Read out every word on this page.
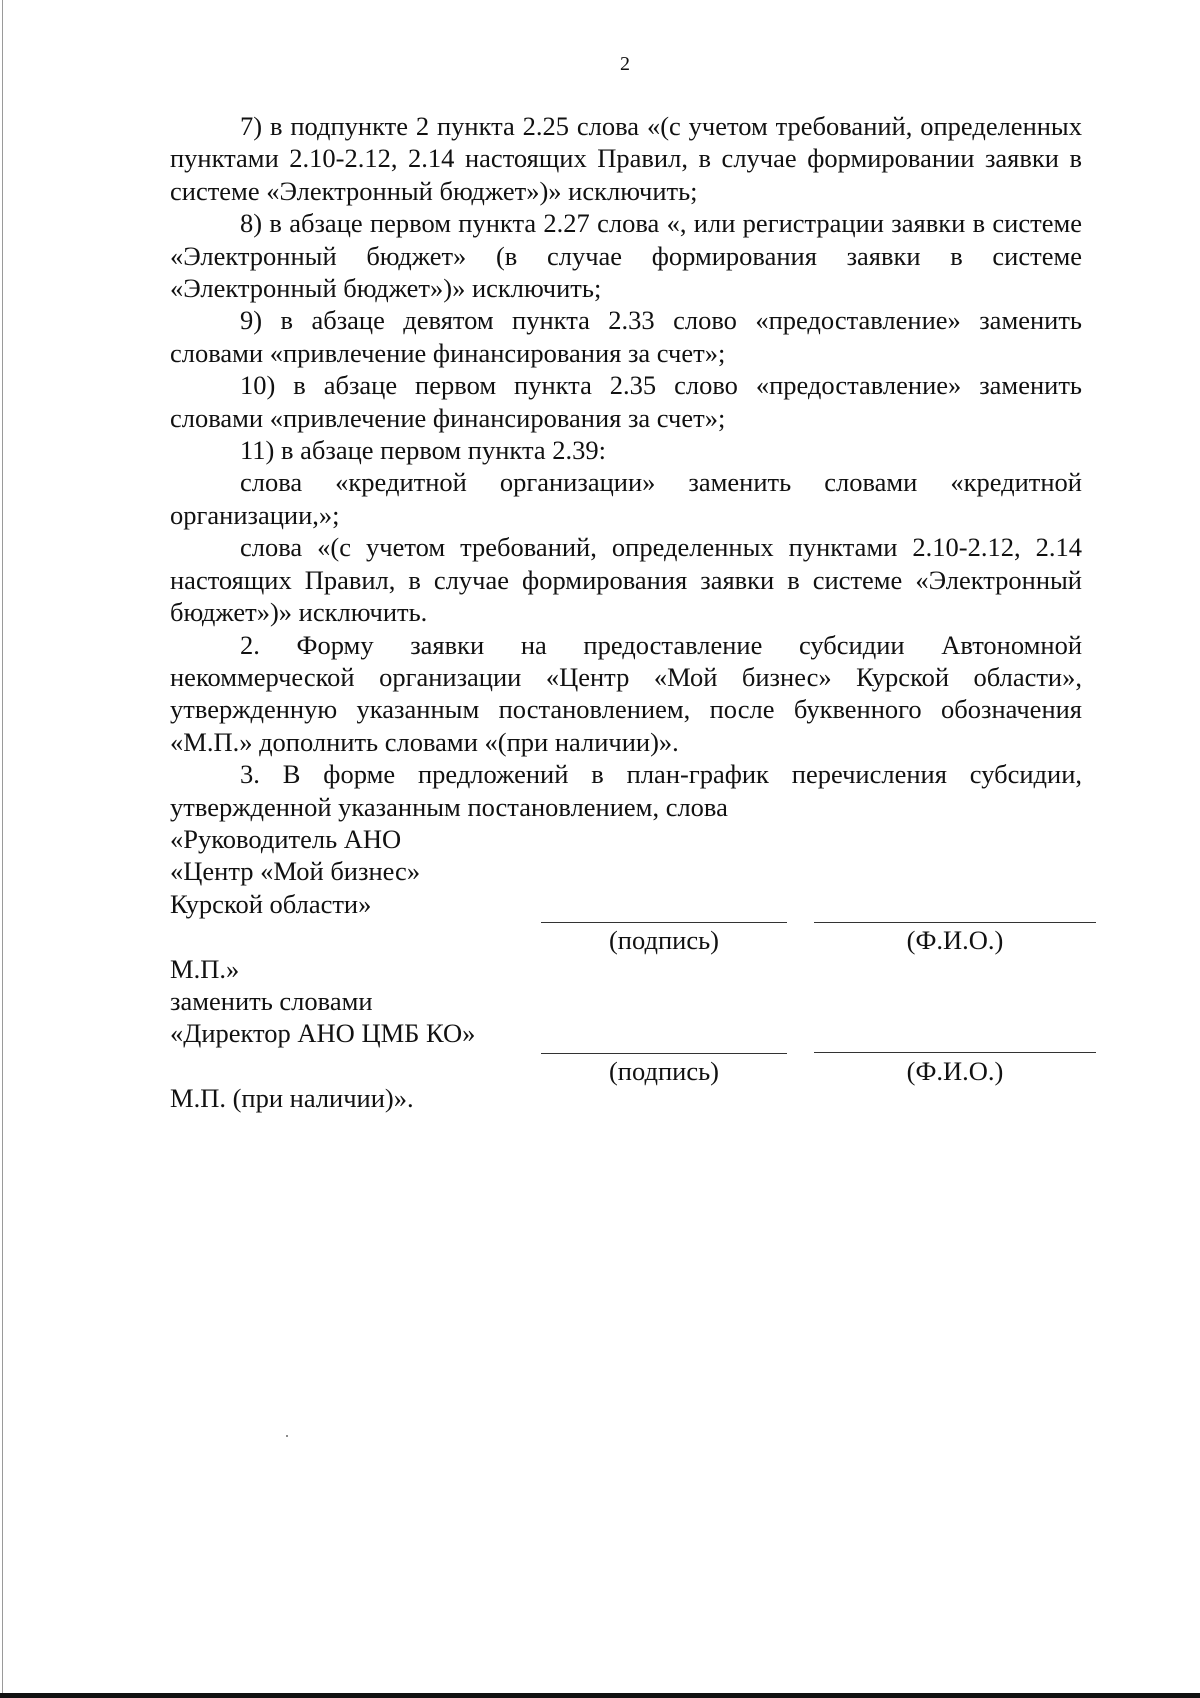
2

7) в подпункте 2 пункта 2.25 слова «(с учетом требований, определенных пунктами 2.10-2.12, 2.14 настоящих Правил, в случае формировании заявки в системе «Электронный бюджет»)» исключить;

8) в абзаце первом пункта 2.27 слова «, или регистрации заявки в системе «Электронный бюджет» (в случае формирования заявки в системе «Электронный бюджет»)» исключить;

9) в абзаце девятом пункта 2.33 слово «предоставление» заменить словами «привлечение финансирования за счет»;

10) в абзаце первом пункта 2.35 слово «предоставление» заменить словами «привлечение финансирования за счет»;

11) в абзаце первом пункта 2.39:

слова «кредитной организации» заменить словами «кредитной организации,»;

слова «(с учетом требований, определенных пунктами 2.10-2.12, 2.14 настоящих Правил, в случае формирования заявки в системе «Электронный бюджет»)» исключить.

2. Форму заявки на предоставление субсидии Автономной некоммерческой организации «Центр «Мой бизнес» Курской области», утвержденную указанным постановлением, после буквенного обозначения «М.П.» дополнить словами «(при наличии)».

3. В форме предложений в план-график перечисления субсидии, утвержденной указанным постановлением, слова

«Руководитель АНО

«Центр «Мой бизнес»

Курской области»

М.П.»

заменить словами

«Директор АНО ЦМБ КО»

М.П. (при наличии)».

(подпись)	(Ф.И.О.)
(подпись)	(Ф.И.О.)
